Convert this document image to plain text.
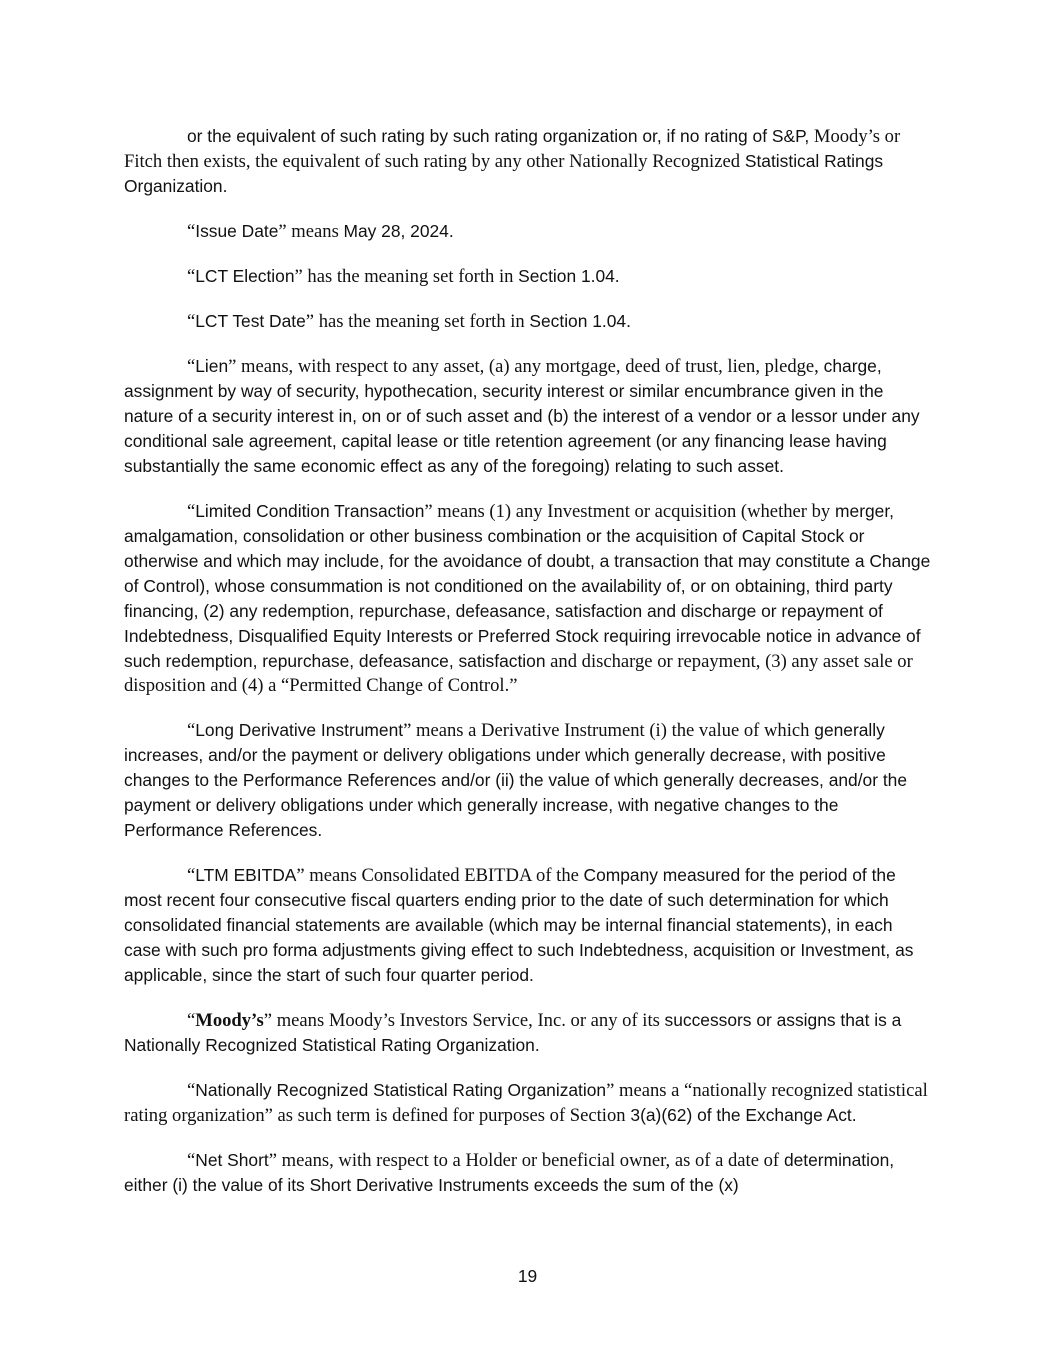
or the equivalent of such rating by such rating organization or, if no rating of S&P, Moody’s or Fitch then exists, the equivalent of such rating by any other Nationally Recognized Statistical Ratings Organization.

“Issue Date” means May 28, 2024.

“LCT Election” has the meaning set forth in Section 1.04.

“LCT Test Date” has the meaning set forth in Section 1.04.

“Lien” means, with respect to any asset, (a) any mortgage, deed of trust, lien, pledge, charge, assignment by way of security, hypothecation, security interest or similar encumbrance given in the nature of a security interest in, on or of such asset and (b) the interest of a vendor or a lessor under any conditional sale agreement, capital lease or title retention agreement (or any financing lease having substantially the same economic effect as any of the foregoing) relating to such asset.

“Limited Condition Transaction” means (1) any Investment or acquisition (whether by merger, amalgamation, consolidation or other business combination or the acquisition of Capital Stock or otherwise and which may include, for the avoidance of doubt, a transaction that may constitute a Change of Control), whose consummation is not conditioned on the availability of, or on obtaining, third party financing, (2) any redemption, repurchase, defeasance, satisfaction and discharge or repayment of Indebtedness, Disqualified Equity Interests or Preferred Stock requiring irrevocable notice in advance of such redemption, repurchase, defeasance, satisfaction and discharge or repayment, (3) any asset sale or disposition and (4) a “Permitted Change of Control.”

“Long Derivative Instrument” means a Derivative Instrument (i) the value of which generally increases, and/or the payment or delivery obligations under which generally decrease, with positive changes to the Performance References and/or (ii) the value of which generally decreases, and/or the payment or delivery obligations under which generally increase, with negative changes to the Performance References.

“LTM EBITDA” means Consolidated EBITDA of the Company measured for the period of the most recent four consecutive fiscal quarters ending prior to the date of such determination for which consolidated financial statements are available (which may be internal financial statements), in each case with such pro forma adjustments giving effect to such Indebtedness, acquisition or Investment, as applicable, since the start of such four quarter period.

“Moody’s” means Moody’s Investors Service, Inc. or any of its successors or assigns that is a Nationally Recognized Statistical Rating Organization.

“Nationally Recognized Statistical Rating Organization” means a “nationally recognized statistical rating organization” as such term is defined for purposes of Section 3(a)(62) of the Exchange Act.

“Net Short” means, with respect to a Holder or beneficial owner, as of a date of determination, either (i) the value of its Short Derivative Instruments exceeds the sum of the (x)

19
